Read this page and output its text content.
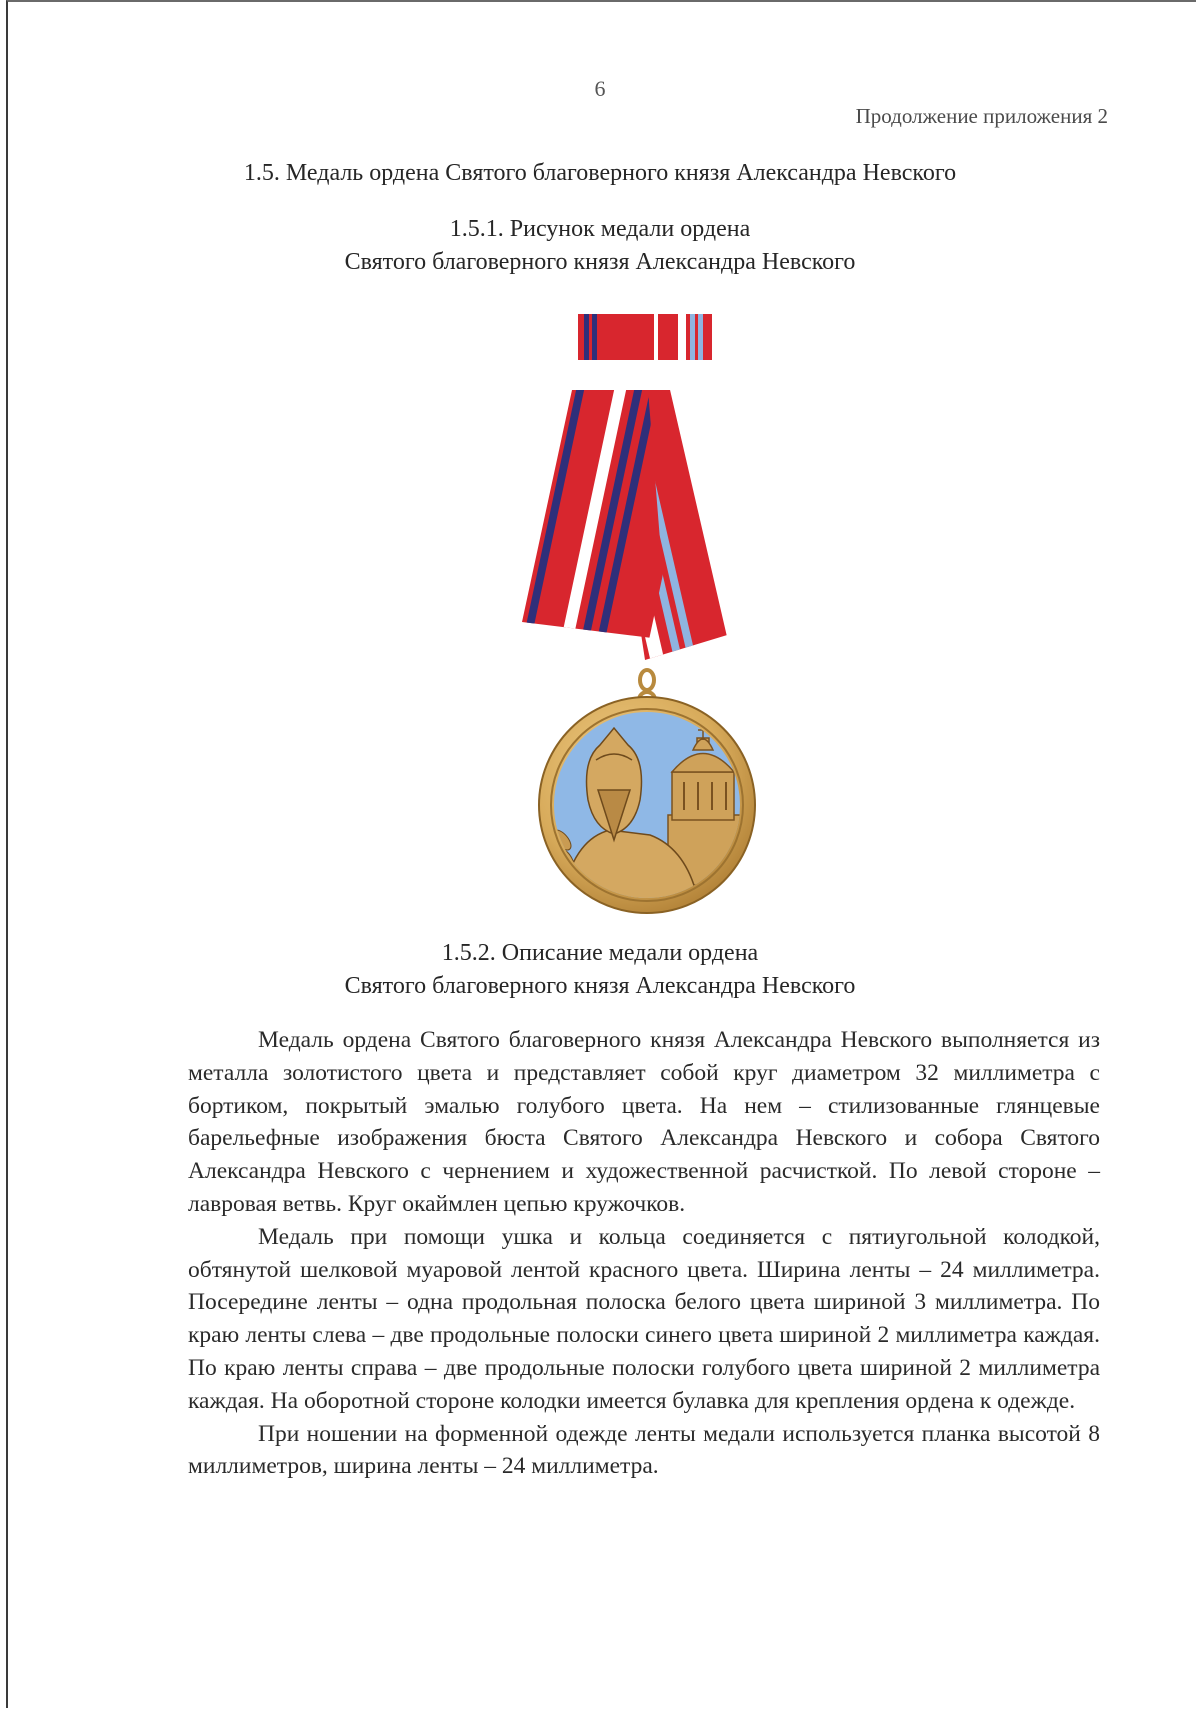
6
Продолжение приложения 2
1.5. Медаль ордена Святого благоверного князя Александра Невского
1.5.1. Рисунок медали ордена
Святого благоверного князя Александра Невского
1.5.2. Описание медали ордена
Святого благоверного князя Александра Невского

Медаль ордена Святого благоверного князя Александра Невского выполняется из металла золотистого цвета и представляет собой круг диаметром 32 миллиметра с бортиком, покрытый эмалью голубого цвета. На нем – стилизованные глянцевые барельефные изображения бюста Святого Александра Невского и собора Святого Александра Невского с чернением и художественной расчисткой. По левой стороне – лавровая ветвь. Круг окаймлен цепью кружочков.

Медаль при помощи ушка и кольца соединяется с пятиугольной колодкой, обтянутой шелковой муаровой лентой красного цвета. Ширина ленты – 24 миллиметра. Посередине ленты – одна продольная полоска белого цвета шириной 3 миллиметра. По краю ленты слева – две продольные полоски синего цвета шириной 2 миллиметра каждая. По краю ленты справа – две продольные полоски голубого цвета шириной 2 миллиметра каждая. На оборотной стороне колодки имеется булавка для крепления ордена к одежде.

При ношении на форменной одежде ленты медали используется планка высотой 8 миллиметров, ширина ленты – 24 миллиметра.
